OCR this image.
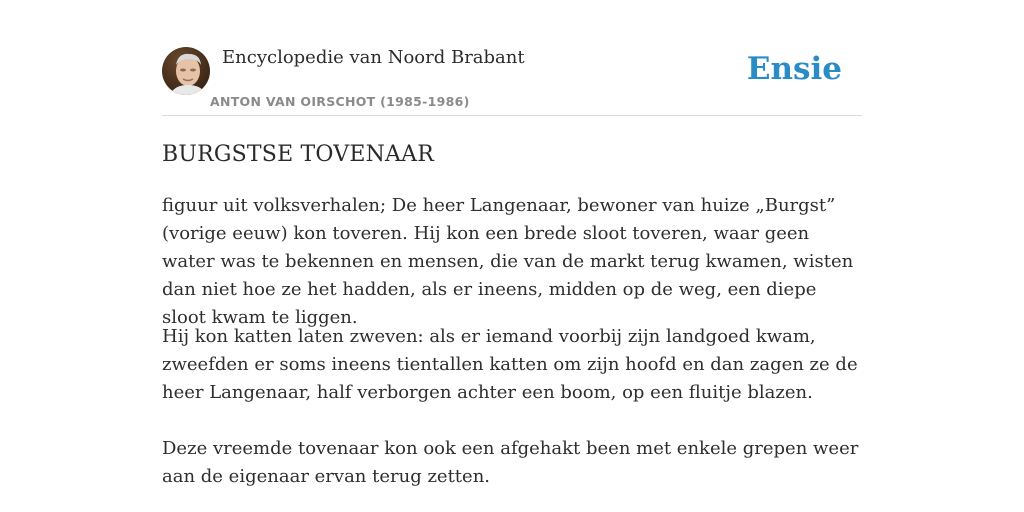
Encyclopedie van Noord Brabant
ANTON VAN OIRSCHOT (1985-1986)
Ensie
BURGSTSE TOVENAAR

figuur uit volksverhalen; De heer Langenaar, bewoner van huize „Burgst” (vorige eeuw) kon toveren. Hij kon een brede sloot toveren, waar geen water was te bekennen en mensen, die van de markt terug kwamen, wisten dan niet hoe ze het hadden, als er ineens, midden op de weg, een diepe sloot kwam te liggen.

Hij kon katten laten zweven: als er iemand voorbij zijn landgoed kwam, zweefden er soms ineens tientallen katten om zijn hoofd en dan zagen ze de heer Langenaar, half verborgen achter een boom, op een fluitje blazen.

Deze vreemde tovenaar kon ook een afgehakt been met enkele grepen weer aan de eigenaar ervan terug zetten.
